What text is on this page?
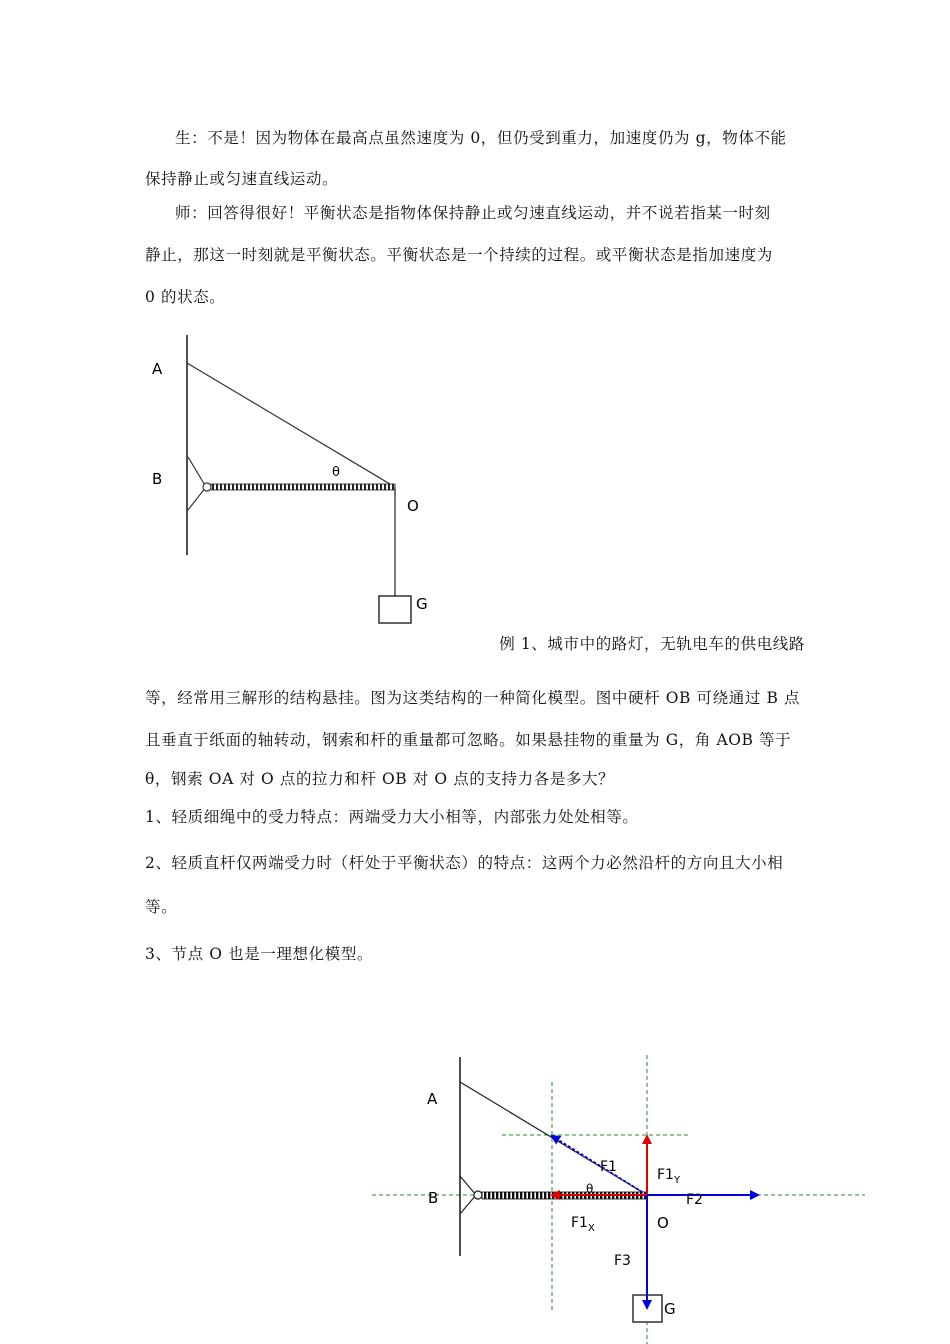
生：不是！因为物体在最高点虽然速度为 0，但仍受到重力，加速度仍为 g，物体不能
保持静止或匀速直线运动。
师：回答得很好！平衡状态是指物体保持静止或匀速直线运动，并不说若指某一时刻
静止，那这一时刻就是平衡状态。平衡状态是一个持续的过程。或平衡状态是指加速度为
0 的状态。
A
B	θ
O
G
例 1、城市中的路灯，无轨电车的供电线路
等，经常用三解形的结构悬挂。图为这类结构的一种简化模型。图中硬杆 OB 可绕通过 B 点
且垂直于纸面的轴转动，钢索和杆的重量都可忽略。如果悬挂物的重量为 G，角 AOB 等于
θ，钢索 OA 对 O 点的拉力和杆 OB 对 O 点的支持力各是多大？
1、轻质细绳中的受力特点：两端受力大小相等，内部张力处处相等。
2、轻质直杆仅两端受力时（杆处于平衡状态）的特点：这两个力必然沿杆的方向且大小相
等。
3、节点 O 也是一理想化模型。
A
B	θ
F1	$F1_Y$
F2
$F1_X$	O
F3
G
